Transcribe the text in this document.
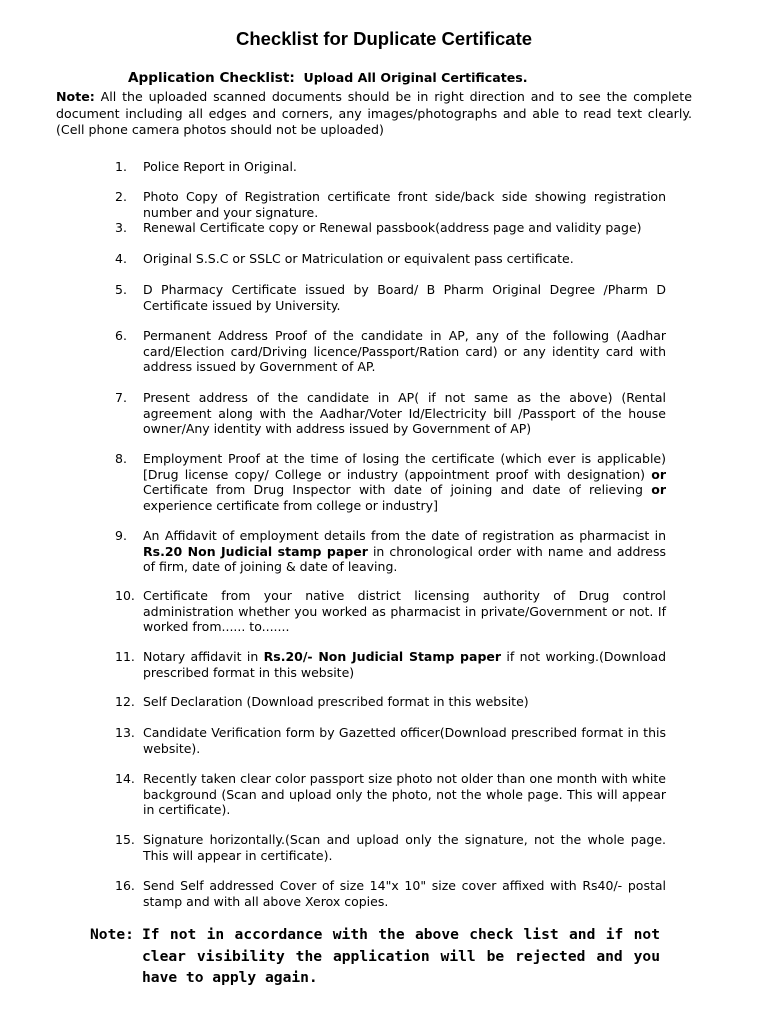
Checklist for Duplicate Certificate
Application Checklist: Upload All Original Certificates.

Note: All the uploaded scanned documents should be in right direction and to see the complete document including all edges and corners, any images/photographs and able to read text clearly. (Cell phone camera photos should not be uploaded)

1. Police Report in Original.
2. Photo Copy of Registration certificate front side/back side showing registration number and your signature.
3. Renewal Certificate copy or Renewal passbook(address page and validity page)
4. Original S.S.C or SSLC or Matriculation or equivalent pass certificate.
5. D Pharmacy Certificate issued by Board/ B Pharm Original Degree /Pharm D Certificate issued by University.
6. Permanent Address Proof of the candidate in AP, any of the following (Aadhar card/Election card/Driving licence/Passport/Ration card) or any identity card with address issued by Government of AP.
7. Present address of the candidate in AP( if not same as the above) (Rental agreement along with the Aadhar/Voter Id/Electricity bill /Passport of the house owner/Any identity with address issued by Government of AP)
8. Employment Proof at the time of losing the certificate (which ever is applicable) [Drug license copy/ College or industry (appointment proof with designation) or Certificate from Drug Inspector with date of joining and date of relieving or experience certificate from college or industry]
9. An Affidavit of employment details from the date of registration as pharmacist in Rs.20 Non Judicial stamp paper in chronological order with name and address of firm, date of joining & date of leaving.
10. Certificate from your native district licensing authority of Drug control administration whether you worked as pharmacist in private/Government or not. If worked from...... to.......
11. Notary affidavit in Rs.20/- Non Judicial Stamp paper if not working.(Download prescribed format in this website)
12. Self Declaration (Download prescribed format in this website)
13. Candidate Verification form by Gazetted officer(Download prescribed format in this website).
14. Recently taken clear color passport size photo not older than one month with white background (Scan and upload only the photo, not the whole page. This will appear in certificate).
15. Signature horizontally.(Scan and upload only the signature, not the whole page. This will appear in certificate).
16. Send Self addressed Cover of size 14"x 10" size cover affixed with Rs40/- postal stamp and with all above Xerox copies.
Note: If not in accordance with the above check list and if not clear visibility the application will be rejected and you have to apply again.
